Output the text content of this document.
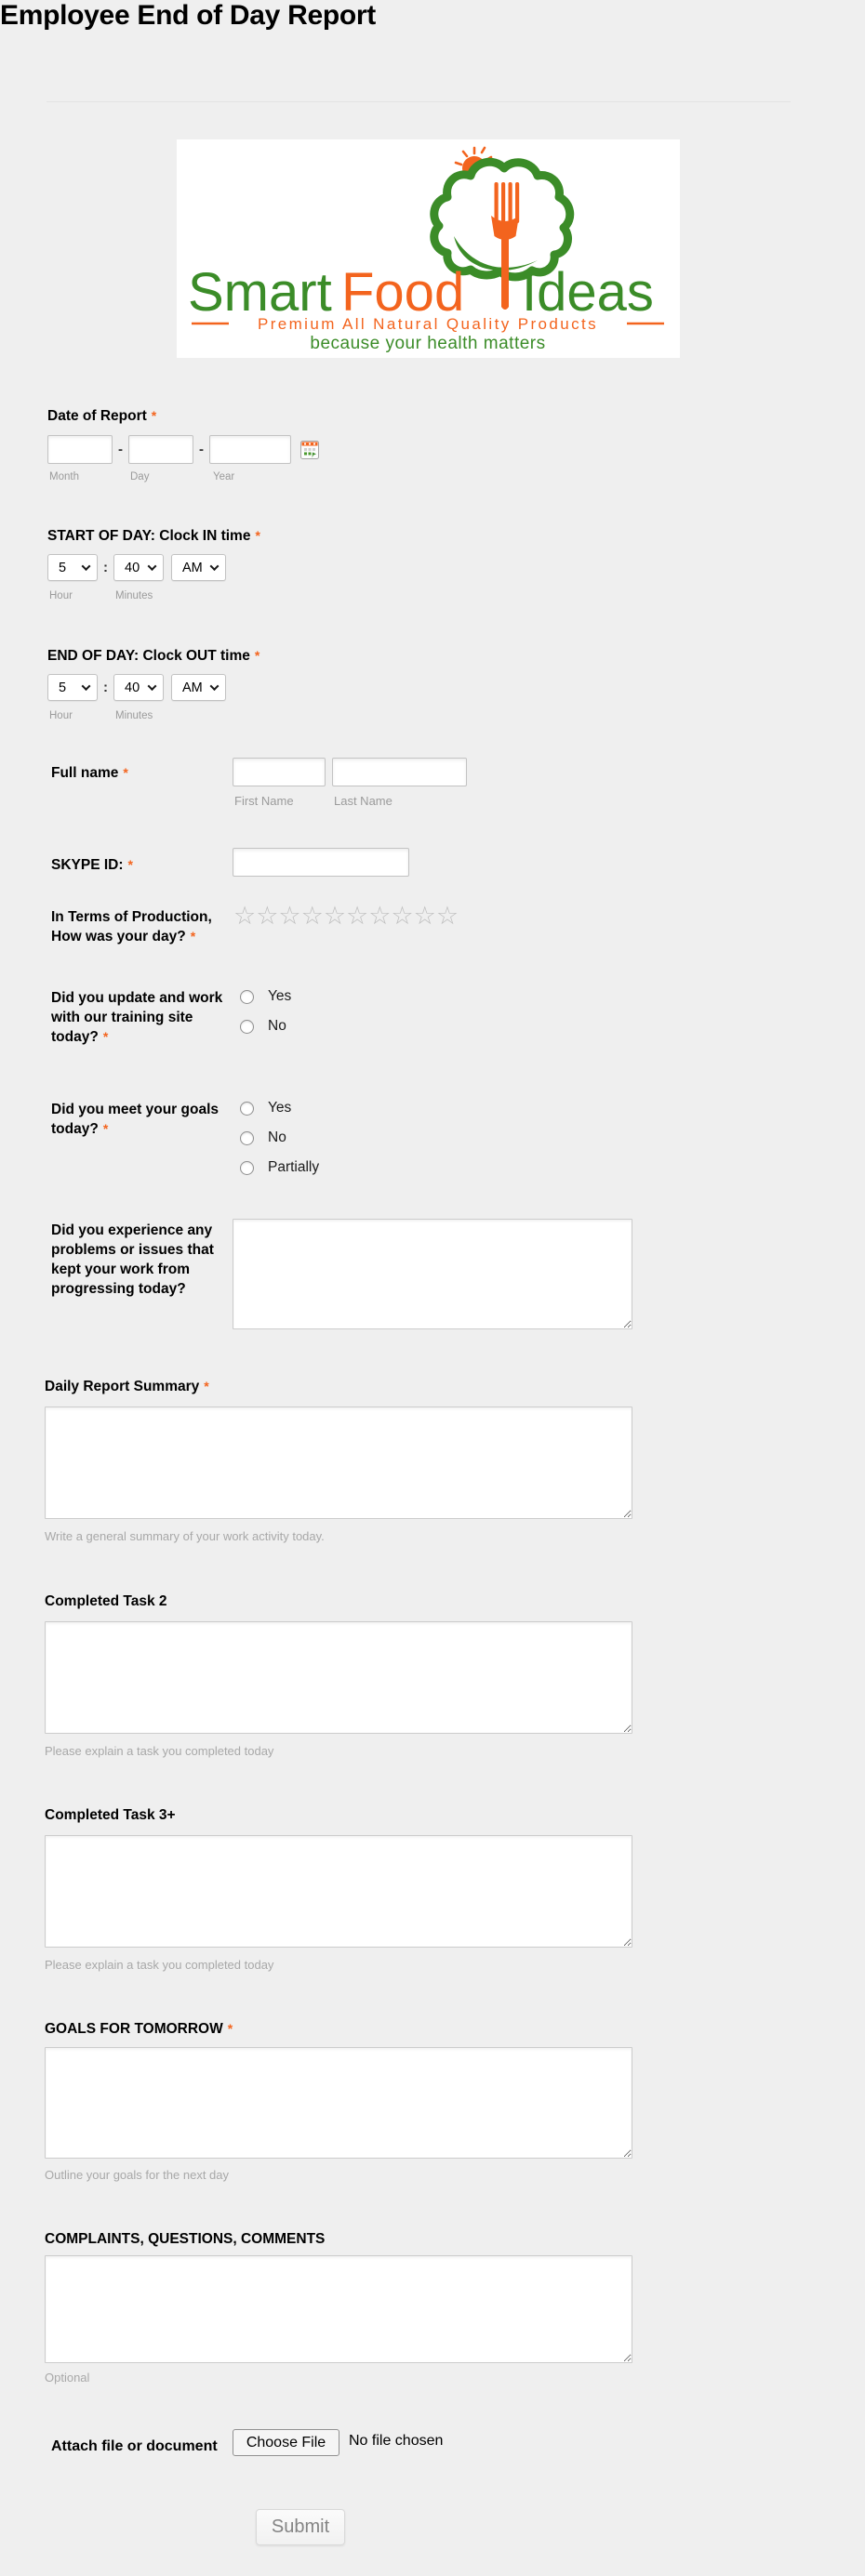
Employee End of Day Report
Smart Food Ideas
Premium All Natural Quality Products
because your health matters
Date of Report *
-	-
Month	Day	Year
START OF DAY: Clock IN time *
5	:	40	AM
Hour	Minutes
END OF DAY: Clock OUT time *
5	:	40	AM
Hour	Minutes
Full name *
First Name	Last Name
SKYPE ID: *
In Terms of Production, How was your day? *
☆☆☆☆☆☆☆☆☆☆
Did you update and work with our training site today? *
Yes
No
Did you meet your goals today? *
Yes
No
Partially
Did you experience any problems or issues that kept your work from progressing today?
Daily Report Summary *
Write a general summary of your work activity today.
Completed Task 2
Please explain a task you completed today
Completed Task 3+
Please explain a task you completed today
GOALS FOR TOMORROW *
Outline your goals for the next day
COMPLAINTS, QUESTIONS, COMMENTS
Optional
Attach file or document Choose File No file chosen
Submit
